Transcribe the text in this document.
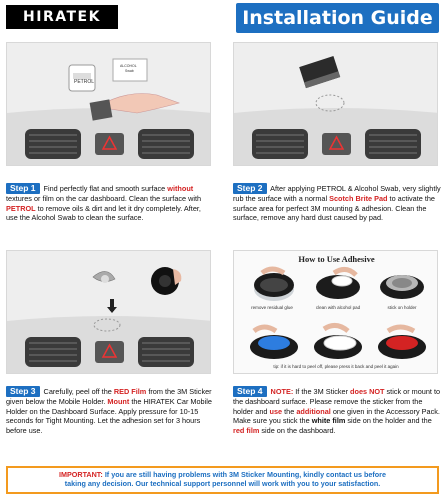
HIRATEK	Installation Guide
PETROL
ALCOHOL
Swab
Step 1 Find perfectly flat and smooth surface without textures or film on the car dashboard. Clean the surface with PETROL to remove oils & dirt and let it dry completely. After, use the Alcohol Swab to clean the surface.
Step 2 After applying PETROL & Alcohol Swab, very slightly rub the surface with a normal Scotch Brite Pad to activate the surface area for perfect 3M mounting & adhesion. Clean the surface, remove any hard dust caused by pad.
How to Use Adhesive
remove residual glue	clean with alcohol pad	stick on holder
tip: if it is hard to peel off, please press it back and peel it again
Step 3 Carefully, peel off the RED Film from the 3M Sticker given below the Mobile Holder. Mount the HIRATEK Car Mobile Holder on the Dashboard Surface. Apply pressure for 10-15 seconds for Tight Mounting. Let the adhesion set for 3 hours before use.
Step 4 NOTE: If the 3M Sticker does NOT stick or mount to the dashboard surface. Please remove the sticker from the holder and use the additional one given in the Accessory Pack. Make sure you stick the white film side on the holder and the red film side on the dashboard.
IMPORTANT: If you are still having problems with 3M Sticker Mounting, kindly contact us before
taking any decision. Our technical support personnel will work with you to your satisfaction.
